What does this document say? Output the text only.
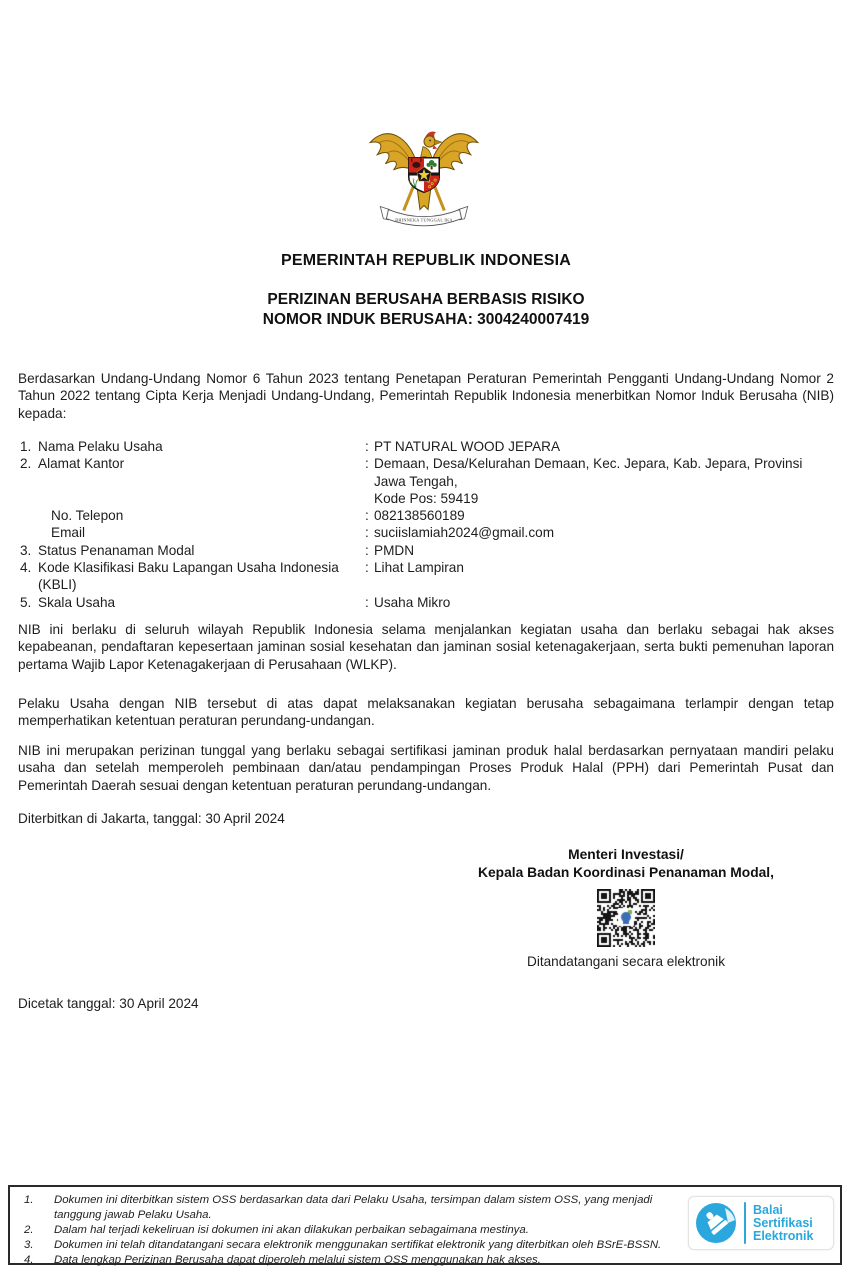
BHINNEKA TUNGGAL IKA
PEMERINTAH REPUBLIK INDONESIA
PERIZINAN BERUSAHA BERBASIS RISIKO
NOMOR INDUK BERUSAHA: 3004240007419
Berdasarkan Undang-Undang Nomor 6 Tahun 2023 tentang Penetapan Peraturan Pemerintah Pengganti Undang-Undang Nomor 2 Tahun 2022 tentang Cipta Kerja Menjadi Undang-Undang, Pemerintah Republik Indonesia menerbitkan Nomor Induk Berusaha (NIB) kepada:
1. Nama Pelaku Usaha	: PT NATURAL WOOD JEPARA
2. Alamat Kantor	: Demaan, Desa/Kelurahan Demaan, Kec. Jepara, Kab. Jepara, Provinsi
Jawa Tengah,
Kode Pos: 59419
No. Telepon	: 082138560189
Email	: suciislamiah2024@gmail.com
3. Status Penanaman Modal	: PMDN
4. Kode Klasifikasi Baku Lapangan Usaha Indonesia
(KBLI)
: Lihat Lampiran
5. Skala Usaha	: Usaha Mikro
NIB ini berlaku di seluruh wilayah Republik Indonesia selama menjalankan kegiatan usaha dan berlaku sebagai hak akses kepabeanan, pendaftaran kepesertaan jaminan sosial kesehatan dan jaminan sosial ketenagakerjaan, serta bukti pemenuhan laporan pertama Wajib Lapor Ketenagakerjaan di Perusahaan (WLKP).
Pelaku Usaha dengan NIB tersebut di atas dapat melaksanakan kegiatan berusaha sebagaimana terlampir dengan tetap memperhatikan ketentuan peraturan perundang-undangan.
NIB ini merupakan perizinan tunggal yang berlaku sebagai sertifikasi jaminan produk halal berdasarkan pernyataan mandiri pelaku usaha dan setelah memperoleh pembinaan dan/atau pendampingan Proses Produk Halal (PPH) dari Pemerintah Pusat dan Pemerintah Daerah sesuai dengan ketentuan peraturan perundang-undangan.
Diterbitkan di Jakarta, tanggal: 30 April 2024
Menteri Investasi/
Kepala Badan Koordinasi Penanaman Modal,
Ditandatangani secara elektronik
Dicetak tanggal: 30 April 2024
1.	Dokumen ini diterbitkan sistem OSS berdasarkan data dari Pelaku Usaha, tersimpan dalam sistem OSS, yang menjadi tanggung jawab Pelaku Usaha.
2.	Dalam hal terjadi kekeliruan isi dokumen ini akan dilakukan perbaikan sebagaimana mestinya.
3.	Dokumen ini telah ditandatangani secara elektronik menggunakan sertifikat elektronik yang diterbitkan oleh BSrE-BSSN.
4.	Data lengkap Perizinan Berusaha dapat diperoleh melalui sistem OSS menggunakan hak akses.
Balai
Sertifikasi
Elektronik
